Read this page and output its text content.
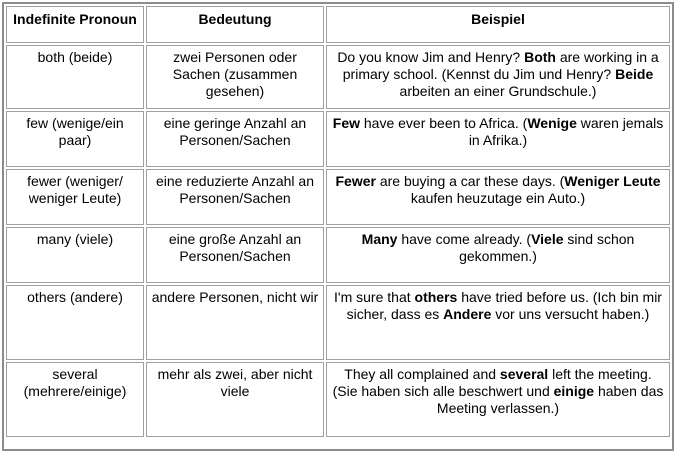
Indefinite Pronoun	Bedeutung	Beispiel
both (beide)	zwei Personen oder Sachen (zusammen gesehen)	Do you know Jim and Henry? Both are working in a primary school. (Kennst du Jim und Henry? Beide arbeiten an einer Grundschule.)
few (wenige/ein paar)	eine geringe Anzahl an Personen/Sachen	Few have ever been to Africa. (Wenige waren jemals in Afrika.)
fewer (weniger/ weniger Leute)	eine reduzierte Anzahl an Personen/Sachen	Fewer are buying a car these days. (Weniger Leute kaufen heuzutage ein Auto.)
many (viele)	eine große Anzahl an Personen/Sachen	Many have come already. (Viele sind schon gekommen.)
others (andere)	andere Personen, nicht wir	I'm sure that others have tried before us. (Ich bin mir sicher, dass es Andere vor uns versucht haben.)
several (mehrere/einige)	mehr als zwei, aber nicht viele	They all complained and several left the meeting. (Sie haben sich alle beschwert und einige haben das Meeting verlassen.)
